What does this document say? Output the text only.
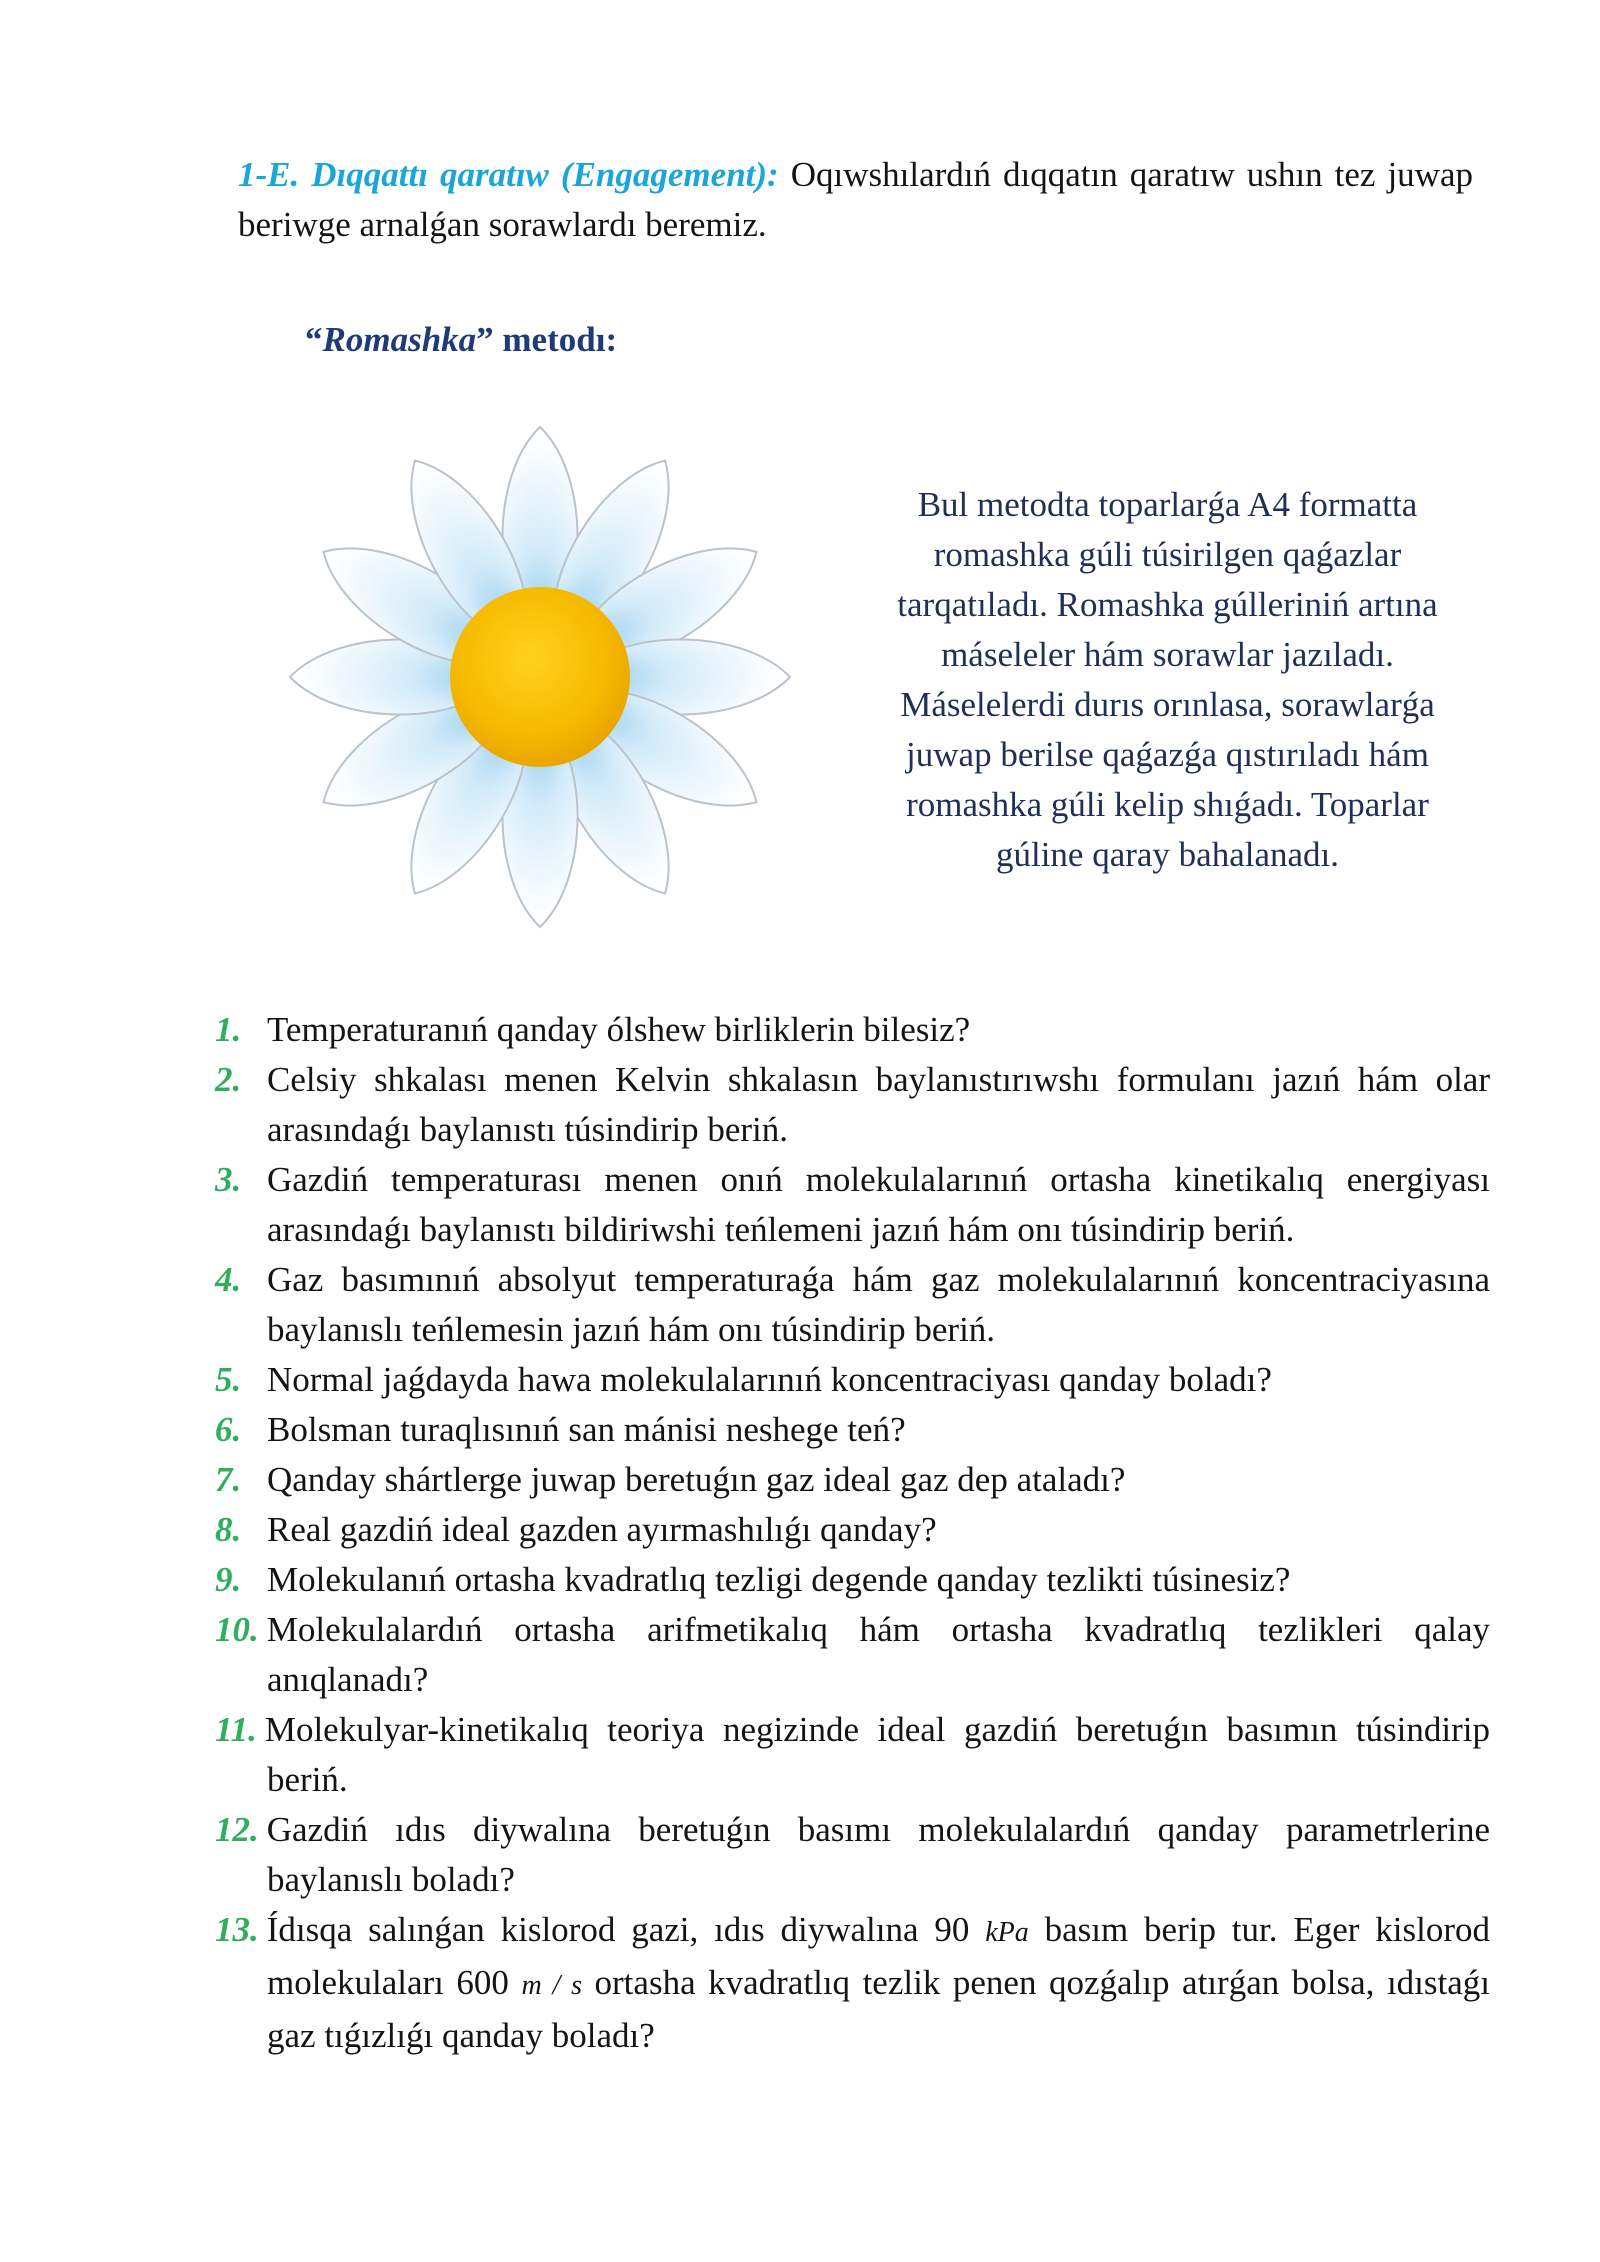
1-E. Dıqqattı qaratıw (Engagement): Oqıwshılardıń dıqqatın qaratıw ushın tez juwap beriwge arnalǵan sorawlardı beremiz.

“Romashka” metodı:

Bul metodta toparlarǵa A4 formatta romashka gúli túsirilgen qaǵazlar tarqatıladı. Romashka gúlleriniń artına máseleler hám sorawlar jazıladı. Máselelerdi durıs orınlasa, sorawlarǵa juwap berilse qaǵazǵa qıstırıladı hám romashka gúli kelip shıǵadı. Toparlar gúline qaray bahalanadı.

1. Temperaturanıń qanday ólshew birliklerin bilesiz?
2. Celsiy shkalası menen Kelvin shkalasın baylanıstırıwshı formulanı jazıń hám olar arasındaǵı baylanıstı túsindirip beriń.
3. Gazdiń temperaturası menen onıń molekulalarınıń ortasha kinetikalıq energiyası arasındaǵı baylanıstı bildiriwshi teńlemeni jazıń hám onı túsindirip beriń.
4. Gaz basımınıń absolyut temperaturaǵa hám gaz molekulalarınıń koncentraciyasına baylanıslı teńlemesin jazıń hám onı túsindirip beriń.
5. Normal jaǵdayda hawa molekulalarınıń koncentraciyası qanday boladı?
6. Bolsman turaqlısınıń san mánisi neshege teń?
7. Qanday shártlerge juwap beretuǵın gaz ideal gaz dep ataladı?
8. Real gazdiń ideal gazden ayırmashılıǵı qanday?
9. Molekulanıń ortasha kvadratlıq tezligi degende qanday tezlikti túsinesiz?
10. Molekulalardıń ortasha arifmetikalıq hám ortasha kvadratlıq tezlikleri qalay anıqlanadı?
11. Molekulyar-kinetikalıq teoriya negizinde ideal gazdiń beretuǵın basımın túsindirip beriń.
12. Gazdiń ıdıs diywalına beretuǵın basımı molekulalardıń qanday parametrlerine baylanıslı boladı?
13. Ídısqa salınǵan kislorod gazi, ıdıs diywalına 90 kPa basım berip tur. Eger kislorod molekulaları 600 m / s ortasha kvadratlıq tezlik penen qozǵalıp atırǵan bolsa, ıdıstaǵı gaz tıǵızlıǵı qanday boladı?
